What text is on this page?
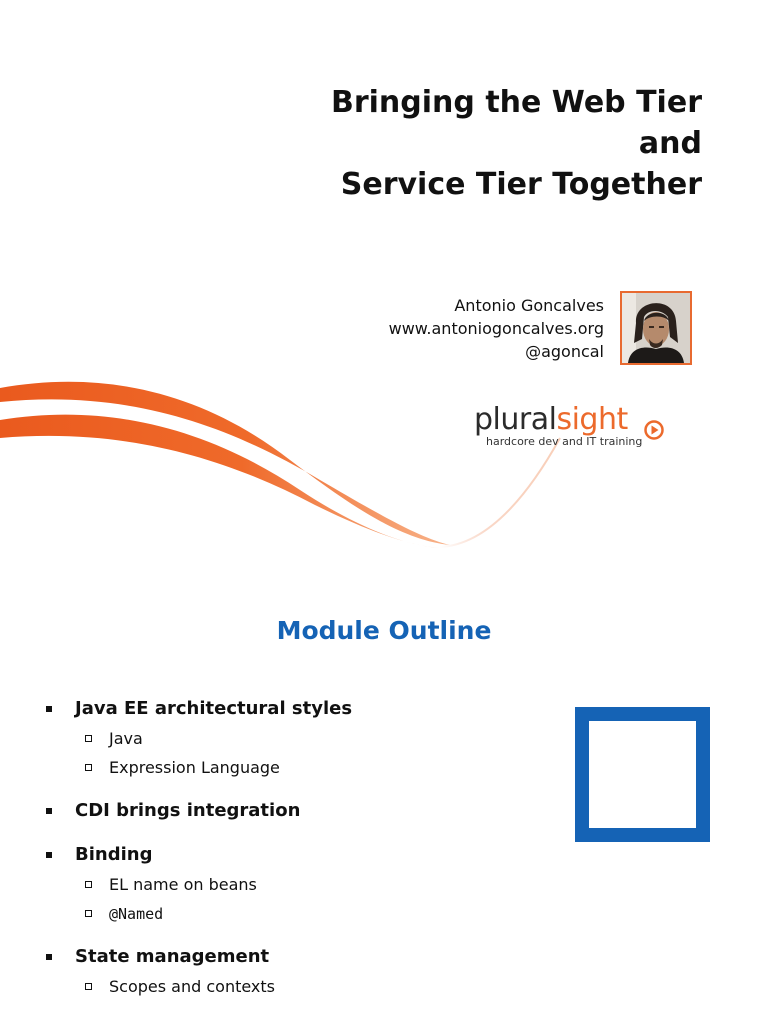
Bringing the Web Tier
and
Service Tier Together
Antonio Goncalves
www.antoniogoncalves.org
@agoncal
pluralsight
hardcore dev and IT training
Module Outline
Java EE architectural styles
Java
Expression Language
CDI brings integration
Binding
EL name on beans
@Named
State management
Scopes and contexts
